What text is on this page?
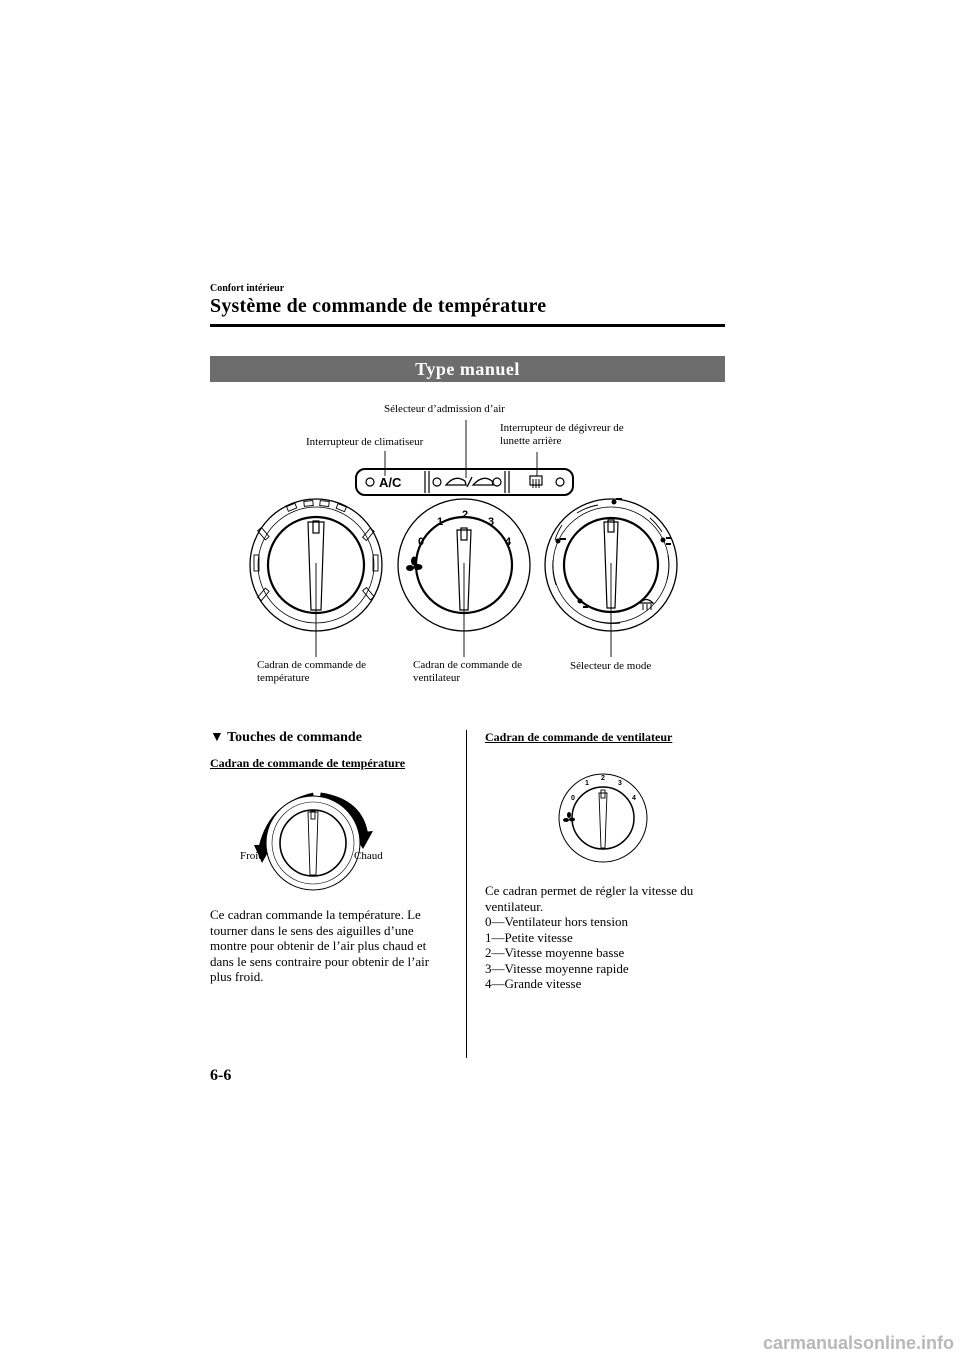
Confort intérieur
Système de commande de température
Type manuel
A/C
0
1
2
3
4
Sélecteur d’admission d’air
Interrupteur de climatiseur
Interrupteur de dégivreur de
lunette arrière
Cadran de commande de
température
Cadran de commande de
ventilateur
Sélecteur de mode
▼ Touches de commande
Cadran de commande de température
Froid	Chaud
Ce cadran commande la température. Le
tourner dans le sens des aiguilles d’une
montre pour obtenir de l’air plus chaud et
dans le sens contraire pour obtenir de l’air
plus froid.
Cadran de commande de ventilateur
0
1
2
3
4
Ce cadran permet de régler la vitesse du
ventilateur.
0—Ventilateur hors tension
1—Petite vitesse
2—Vitesse moyenne basse
3—Vitesse moyenne rapide
4—Grande vitesse
6-6
carmanualsonline.info
